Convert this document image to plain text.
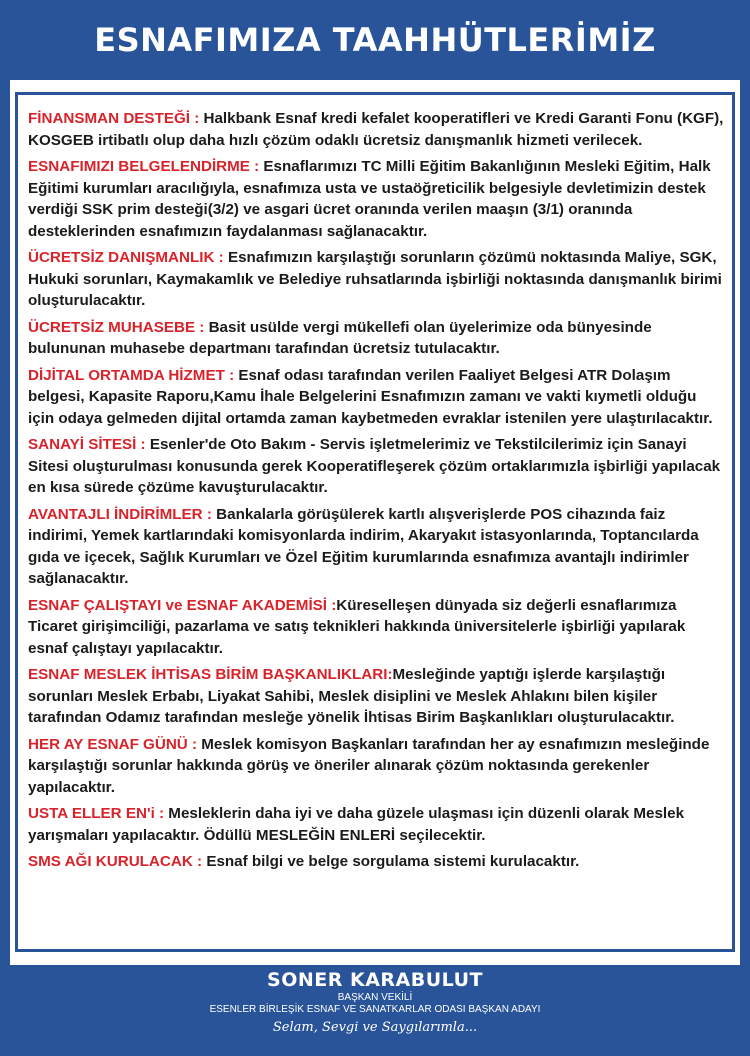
ESNAFIMIZA TAAHHÜTLERİMİZ

FİNANSMAN DESTEĞİ : Halkbank Esnaf kredi kefalet kooperatifleri ve Kredi Garanti Fonu (KGF), KOSGEB irtibatlı olup daha hızlı çözüm odaklı ücretsiz danışmanlık hizmeti verilecek.

ESNAFIMIZI BELGELENDİRME : Esnaflarımızı TC Milli Eğitim Bakanlığının Mesleki Eğitim, Halk Eğitimi kurumları aracılığıyla, esnafımıza usta ve ustaöğreticilik belgesiyle devletimizin destek verdiği SSK prim desteği(3/2) ve asgari ücret oranında verilen maaşın (3/1) oranında desteklerinden esnafımızın faydalanması sağlanacaktır.

ÜCRETSİZ DANIŞMANLIK : Esnafımızın karşılaştığı sorunların çözümü noktasında Maliye, SGK, Hukuki sorunları, Kaymakamlık ve Belediye ruhsatlarında işbirliği noktasında danışmanlık birimi oluşturulacaktır.

ÜCRETSİZ MUHASEBE : Basit usülde vergi mükellefi olan üyelerimize oda bünyesinde bulununan muhasebe departmanı tarafından ücretsiz tutulacaktır.

DİJİTAL ORTAMDA HİZMET : Esnaf odası tarafından verilen Faaliyet Belgesi ATR Dolaşım belgesi, Kapasite Raporu,Kamu İhale Belgelerini Esnafımızın zamanı ve vakti kıymetli olduğu için odaya gelmeden dijital ortamda zaman kaybetmeden evraklar istenilen yere ulaştırılacaktır.

SANAYİ SİTESİ : Esenler'de Oto Bakım - Servis işletmelerimiz ve Tekstilcilerimiz için Sanayi Sitesi oluşturulması konusunda gerek Kooperatifleşerek çözüm ortaklarımızla işbirliği yapılacak en kısa sürede çözüme kavuşturulacaktır.

AVANTAJLI İNDİRİMLER : Bankalarla görüşülerek kartlı alışverişlerde POS cihazında faiz indirimi, Yemek kartlarındaki komisyonlarda indirim, Akaryakıt istasyonlarında, Toptancılarda gıda ve içecek, Sağlık Kurumları ve Özel Eğitim kurumlarında esnafımıza avantajlı indirimler sağlanacaktır.

ESNAF ÇALIŞTAYI ve ESNAF AKADEMİSİ :Küreselleşen dünyada siz değerli esnaflarımıza Ticaret girişimciliği, pazarlama ve satış teknikleri hakkında üniversitelerle işbirliği yapılarak esnaf çalıştayı yapılacaktır.

ESNAF MESLEK İHTİSAS BİRİM BAŞKANLIKLARI:Mesleğinde yaptığı işlerde karşılaştığı sorunları Meslek Erbabı, Liyakat Sahibi, Meslek disiplini ve Meslek Ahlakını bilen kişiler tarafından Odamız tarafından mesleğe yönelik İhtisas Birim Başkanlıkları oluşturulacaktır.

HER AY ESNAF GÜNÜ : Meslek komisyon Başkanları tarafından her ay esnafımızın mesleğinde karşılaştığı sorunlar hakkında görüş ve öneriler alınarak çözüm noktasında gerekenler yapılacaktır.

USTA ELLER EN'i : Mesleklerin daha iyi ve daha güzele ulaşması için düzenli olarak Meslek yarışmaları yapılacaktır. Ödüllü MESLEĞİN ENLERİ seçilecektir.

SMS AĞI KURULACAK : Esnaf bilgi ve belge sorgulama sistemi kurulacaktır.

SONER KARABULUT
BAŞKAN VEKİLİ
ESENLER BİRLEŞİK ESNAF VE SANATKARLAR ODASI BAŞKAN ADAYI
Selam, Sevgi ve Saygılarımla...
